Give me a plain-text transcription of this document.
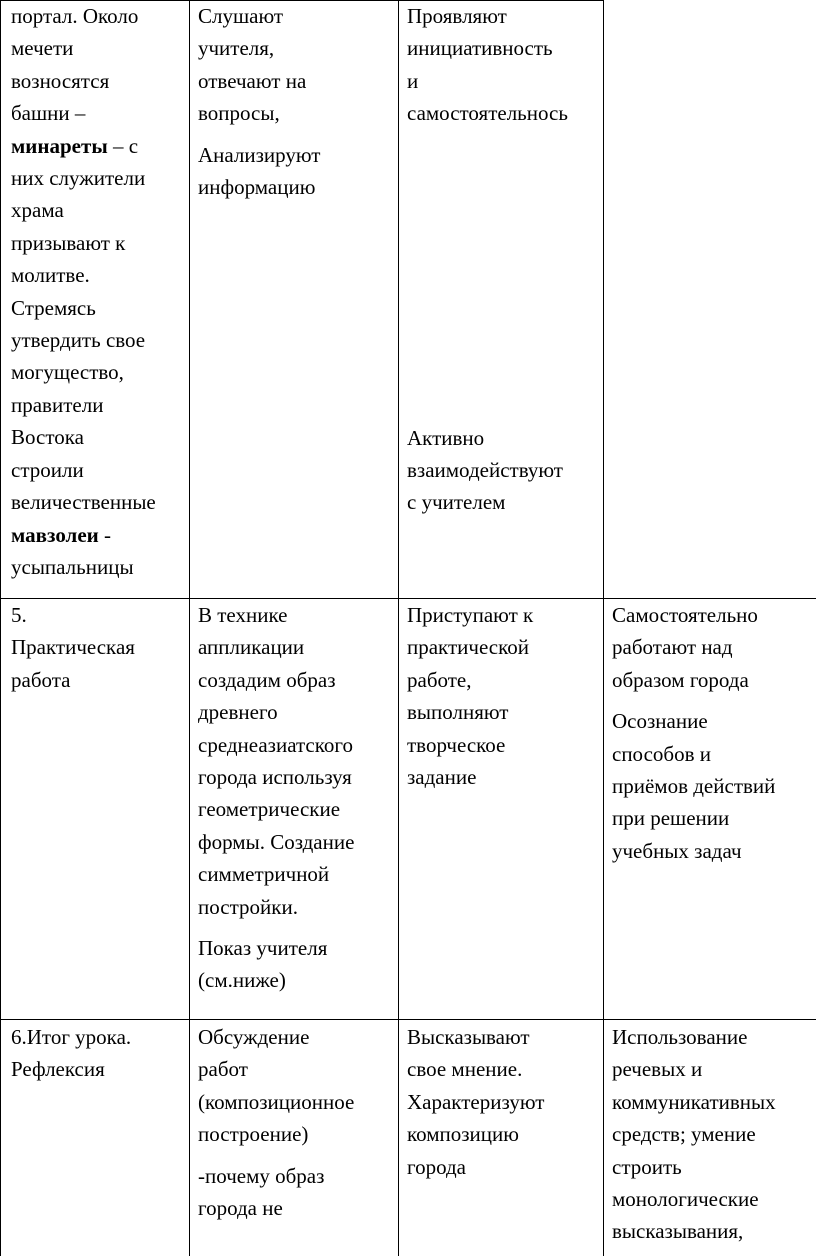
портал. Около
мечети
возносятся
башни – минареты – с
них служители
храма
призывают к
молитве.
Стремясь
утвердить свое
могущество,
правители
Востока
строили
величественные
мавзолеи -
усыпальницы

Слушают
учителя,
отвечают на
вопросы,

Анализируют
информацию

Проявляют
инициативность
и
самостоятельнось

Активно
взаимодействуют
с учителем

5.
Практическая
работа

В технике
аппликации
создадим образ
древнего
среднеазиатского
города используя
геометрические
формы. Создание
симметричной
постройки.

Показ учителя
(см.ниже)

Приступают к
практической
работе,
выполняют
творческое
задание

Самостоятельно
работают над
образом города

Осознание
способов и
приёмов действий
при решении
учебных задач

6.Итог урока.
Рефлексия

Обсуждение
работ
(композиционное
построение)

-почему образ
города не

Высказывают
свое мнение.
Характеризуют
композицию
города

Использование
речевых и
коммуникативных
средств; умение
строить
монологические
высказывания,
